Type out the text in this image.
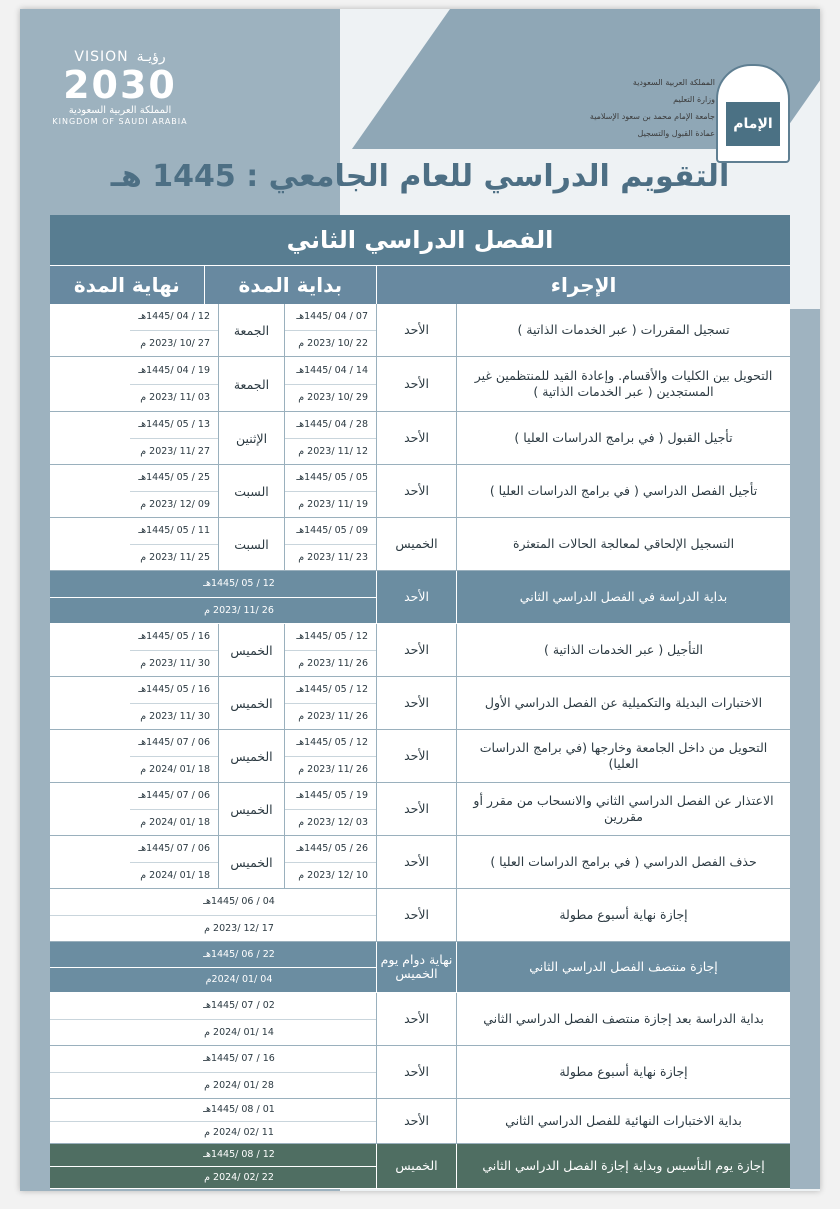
VISION رؤيـة
2030
المملكة العربية السعودية
KINGDOM OF SAUDI ARABIA
المملكة العربية السعودية
وزارة التعليم
جامعة الإمام محمد بن سعود الإسلامية
عمادة القبول والتسجيل
الإمام
التقويم الدراسي للعام الجامعي : 1445 هـ
الفصل الدراسي الثاني
الإجراء
بداية المدة
نهاية المدة
تسجيل المقررات ( عبر الخدمات الذاتية )
الأحد
07 / 04 /1445هـ
22 /10 /2023 م
الجمعة
12 / 04 /1445هـ
27 /10 /2023 م
التحويل بين الكليات والأقسام. وإعادة القيد للمنتظمين غير المستجدين ( عبر الخدمات الذاتية )
الأحد
14 / 04 /1445هـ
29 /10 /2023 م
الجمعة
19 / 04 /1445هـ
03 /11 /2023 م
تأجيل القبول ( في برامج الدراسات العليا )
الأحد
28 / 04 /1445هـ
12 /11 /2023 م
الإثنين
13 / 05 /1445هـ
27 /11 /2023 م
تأجيل الفصل الدراسي ( في برامج الدراسات العليا )
الأحد
05 / 05 /1445هـ
19 /11 /2023 م
السبت
25 / 05 /1445هـ
09 /12 /2023 م
التسجيل الإلحاقي لمعالجة الحالات المتعثرة
الخميس
09 / 05 /1445هـ
23 /11 /2023 م
السبت
11 / 05 /1445هـ
25 /11 /2023 م
بداية الدراسة في الفصل الدراسي الثاني
الأحد
12 / 05 /1445هـ
26 /11 /2023 م
التأجيل ( عبر الخدمات الذاتية )
الأحد
12 / 05 /1445هـ
26 /11 /2023 م
الخميس
16 / 05 /1445هـ
30 /11 /2023 م
الاختبارات البديلة والتكميلية عن الفصل الدراسي الأول
الأحد
12 / 05 /1445هـ
26 /11 /2023 م
الخميس
16 / 05 /1445هـ
30 /11 /2023 م
التحويل من داخل الجامعة وخارجها (في برامج الدراسات العليا)
الأحد
12 / 05 /1445هـ
26 /11 /2023 م
الخميس
06 / 07 /1445هـ
18 /01 /2024 م
الاعتذار عن الفصل الدراسي الثاني والانسحاب من مقرر أو مقررين
الأحد
19 / 05 /1445هـ
03 /12 /2023 م
الخميس
06 / 07 /1445هـ
18 /01 /2024 م
حذف الفصل الدراسي ( في برامج الدراسات العليا )
الأحد
26 / 05 /1445هـ
10 /12 /2023 م
الخميس
06 / 07 /1445هـ
18 /01 /2024 م
إجازة نهاية أسبوع مطولة
الأحد
04 / 06 /1445هـ
17 /12 /2023 م
إجازة منتصف الفصل الدراسي الثاني
نهاية دوام يوم الخميس
22 / 06 /1445هـ
04 /01 /2024م
بداية الدراسة بعد إجازة منتصف الفصل الدراسي الثاني
الأحد
02 / 07 /1445هـ
14 /01 /2024 م
إجازة نهاية أسبوع مطولة
الأحد
16 / 07 /1445هـ
28 /01 /2024 م
بداية الاختبارات النهائية للفصل الدراسي الثاني
الأحد
01 / 08 /1445هـ
11 /02 /2024 م
إجازة يوم التأسيس وبداية إجازة الفصل الدراسي الثاني
الخميس
12 / 08 /1445هـ
22 /02 /2024 م
